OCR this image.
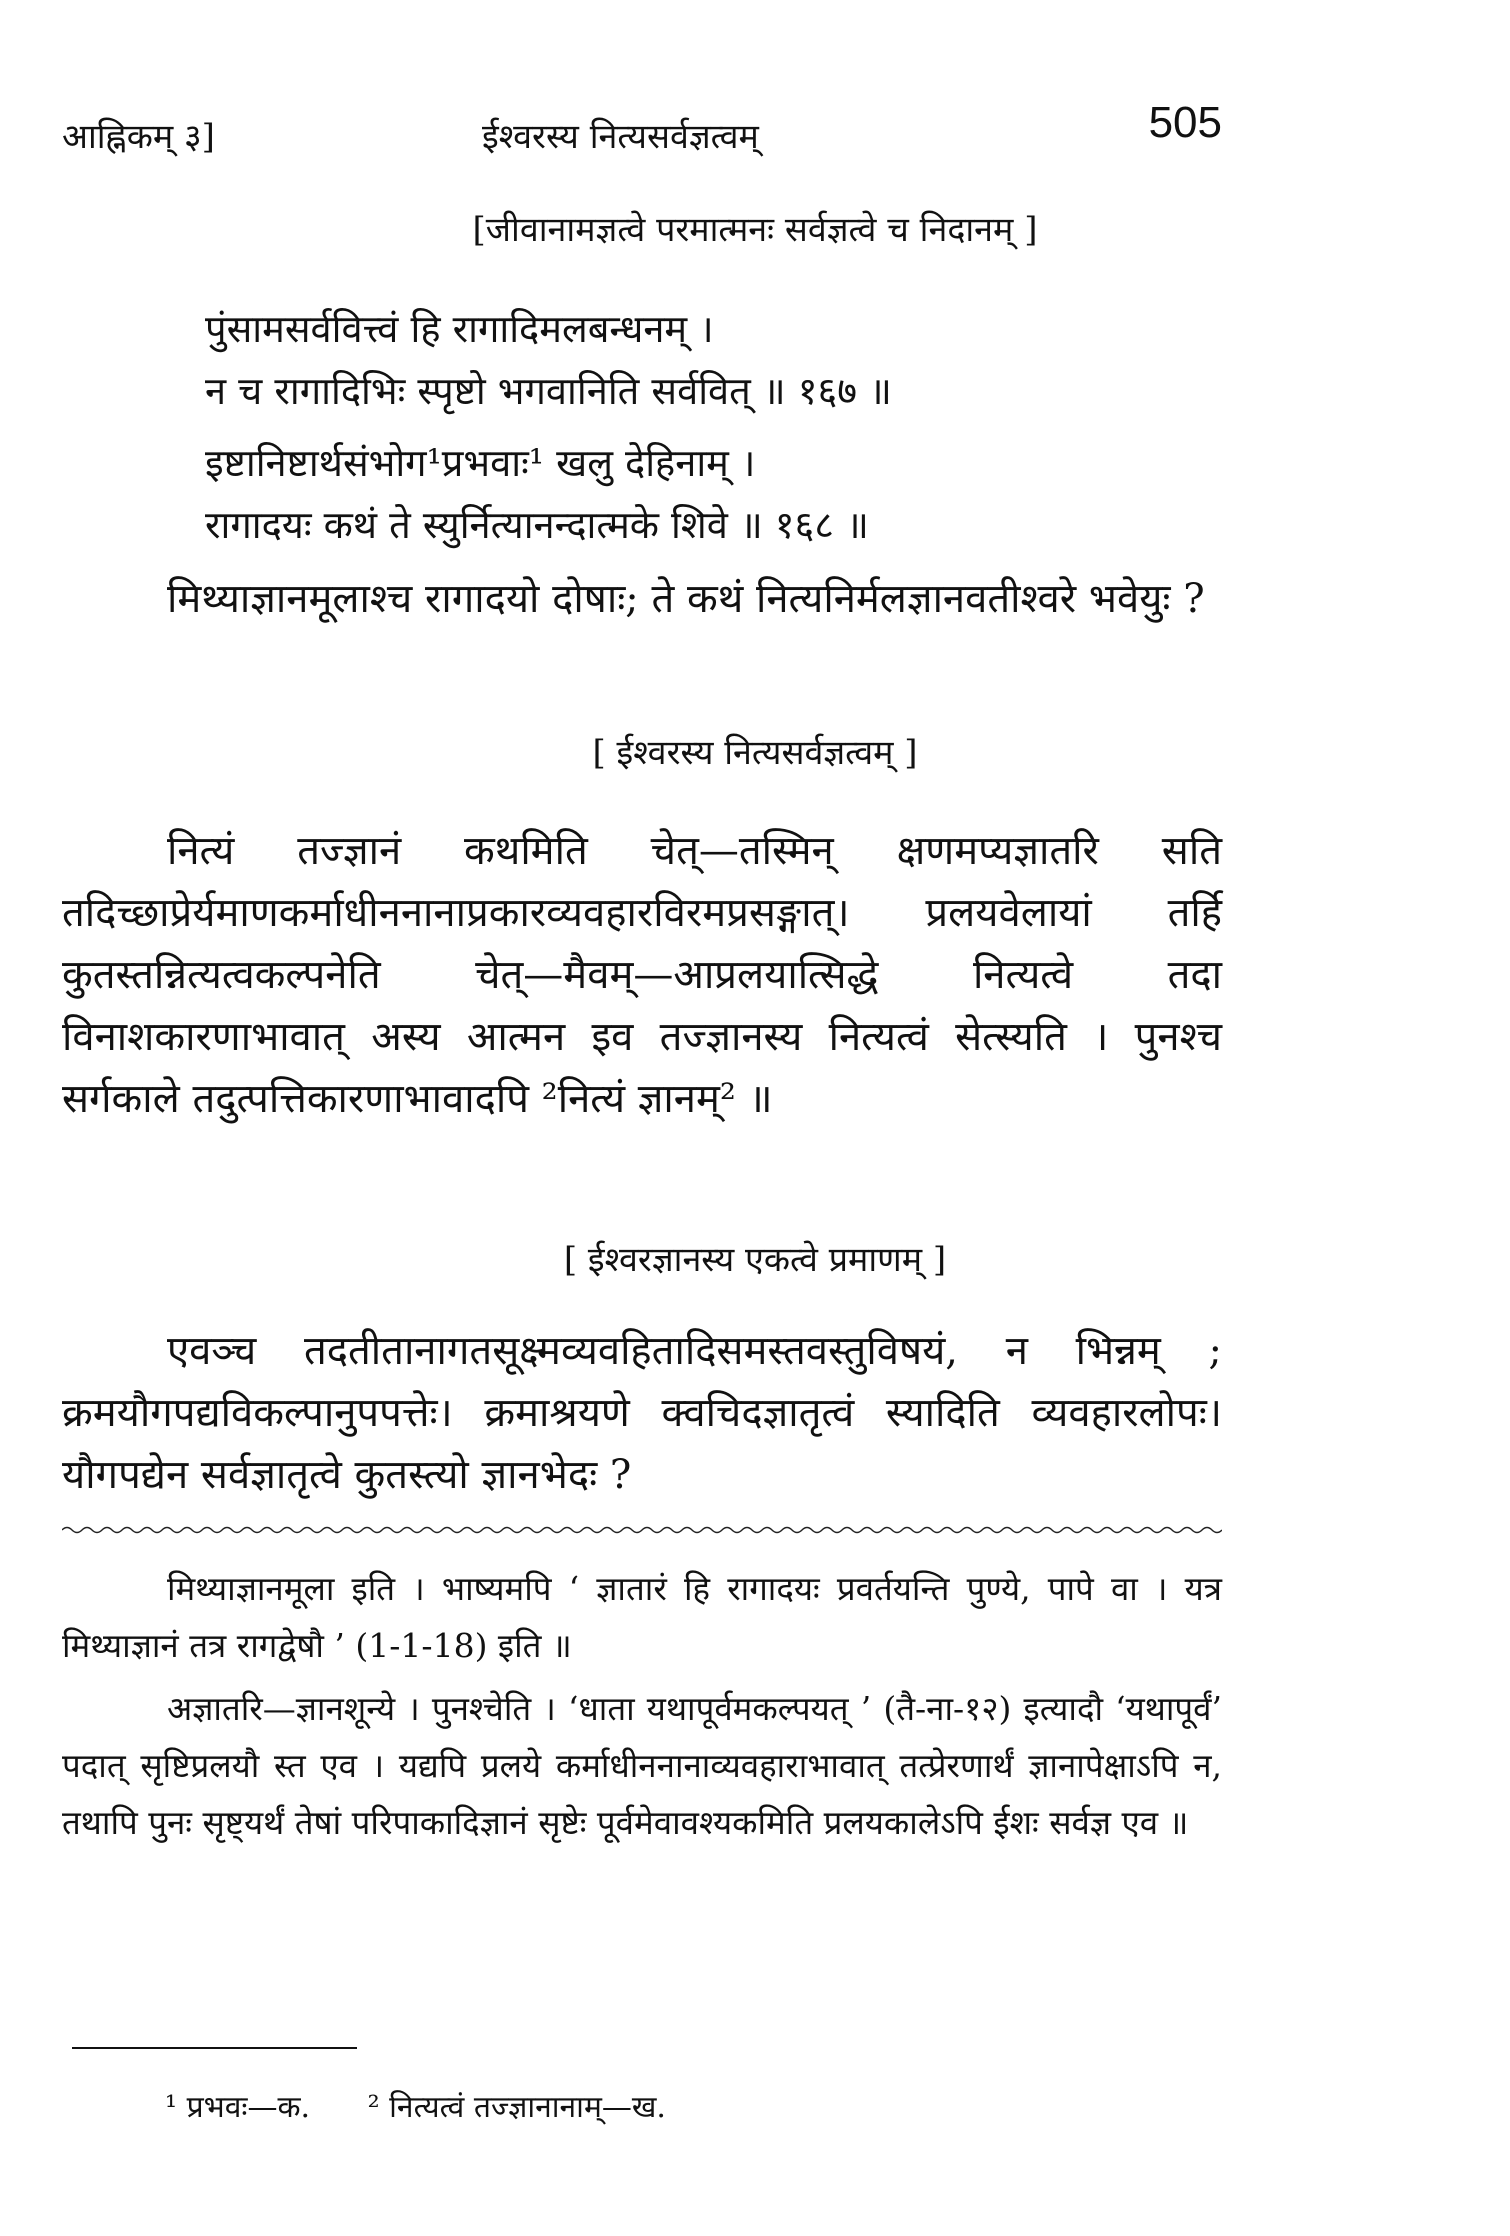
आह्निकम् ३]	ईश्वरस्य नित्यसर्वज्ञत्वम्	505
[जीवानामज्ञत्वे परमात्मनः सर्वज्ञत्वे च निदानम् ]
पुंसामसर्ववित्त्वं हि रागादिमलबन्धनम् ।
न च रागादिभिः स्पृष्टो भगवानिति सर्ववित् ॥ १६७ ॥
इष्टानिष्टार्थसंभोग¹प्रभवाः¹ खलु देहिनाम् ।
रागादयः कथं ते स्युर्नित्यानन्दात्मके शिवे ॥ १६८ ॥

मिथ्याज्ञानमूलाश्च रागादयो दोषाः; ते कथं नित्यनिर्मलज्ञानवतीश्वरे भवेयुः ?

[ ईश्वरस्य नित्यसर्वज्ञत्वम् ]

नित्यं तज्ज्ञानं कथमिति चेत्—तस्मिन् क्षणमप्यज्ञातरि सति तदिच्छाप्रेर्यमाणकर्माधीननानाप्रकारव्यवहारविरमप्रसङ्गात्। प्रलयवेलायां तर्हि कुतस्तन्नित्यत्वकल्पनेति चेत्—मैवम्—आप्रलयात्सिद्धे नित्यत्वे तदा विनाशकारणाभावात् अस्य आत्मन इव तज्ज्ञानस्य नित्यत्वं सेत्स्यति । पुनश्च सर्गकाले तदुत्पत्तिकारणाभावादपि ²नित्यं ज्ञानम्² ॥

[ ईश्वरज्ञानस्य एकत्वे प्रमाणम् ]

एवञ्च तदतीतानागतसूक्ष्मव्यवहितादिसमस्तवस्तुविषयं, न भिन्नम् ; क्रमयौगपद्यविकल्पानुपपत्तेः। क्रमाश्रयणे क्वचिदज्ञातृत्वं स्यादिति व्यवहारलोपः। यौगपद्येन सर्वज्ञातृत्वे कुतस्त्यो ज्ञानभेदः ?

मिथ्याज्ञानमूला इति । भाष्यमपि ‘ ज्ञातारं हि रागादयः प्रवर्तयन्ति पुण्ये, पापे वा । यत्र मिथ्याज्ञानं तत्र रागद्वेषौ ’ (1-1-18) इति ॥

अज्ञातरि—ज्ञानशून्ये । पुनश्चेति । ‘धाता यथापूर्वमकल्पयत् ’ (तै-ना-१२) इत्यादौ ‘यथापूर्वं’ पदात् सृष्टिप्रलयौ स्त एव । यद्यपि प्रलये कर्माधीननानाव्यवहाराभावात् तत्प्रेरणार्थं ज्ञानापेक्षाऽपि न, तथापि पुनः सृष्ट्यर्थं तेषां परिपाकादिज्ञानं सृष्टेः पूर्वमेवावश्यकमिति प्रलयकालेऽपि ईशः सर्वज्ञ एव ॥

¹ प्रभवः—क. ² नित्यत्वं तज्ज्ञानानाम्—ख.
